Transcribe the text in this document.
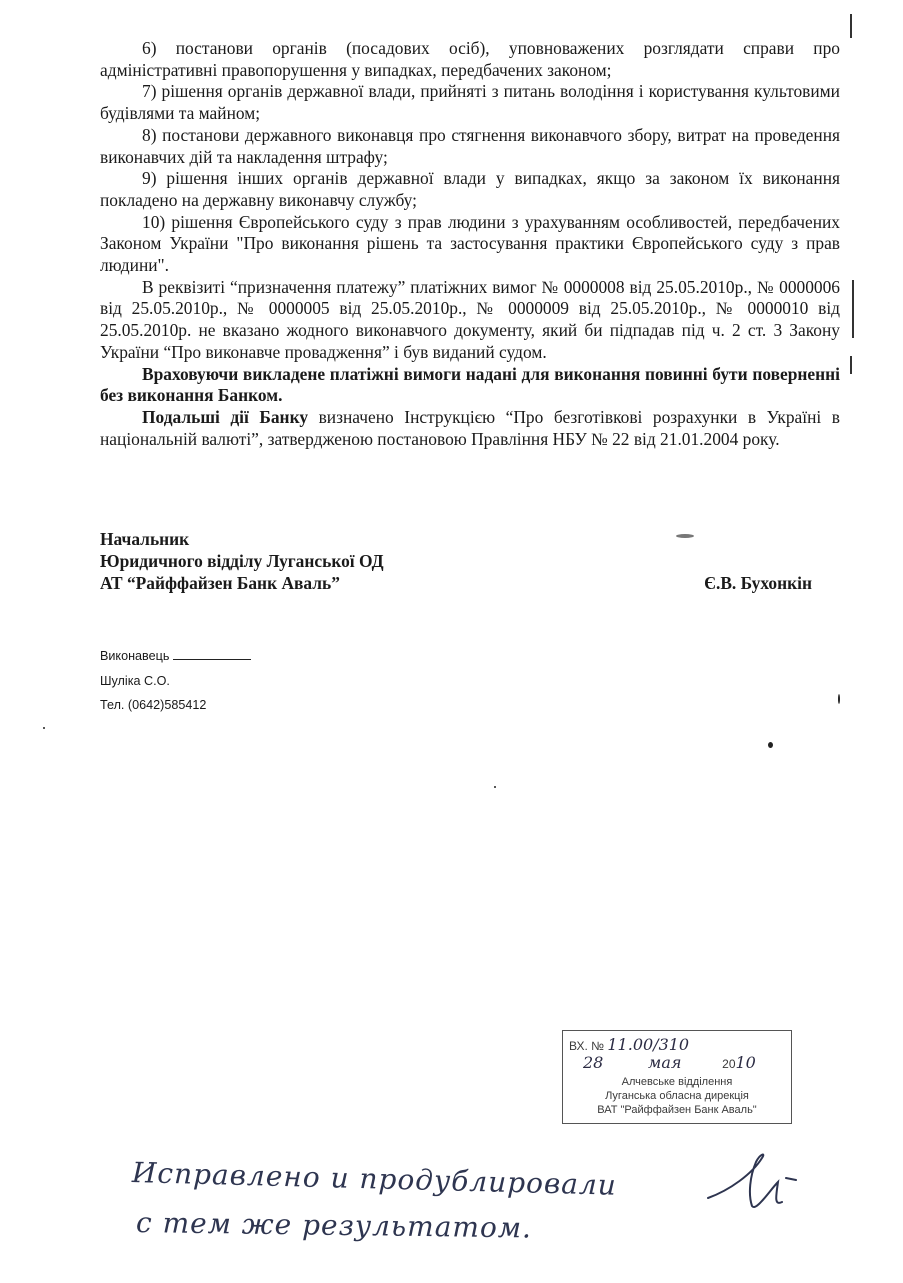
6) постанови органів (посадових осіб), уповноважених розглядати справи про адміністративні правопорушення у випадках, передбачених законом;

7) рішення органів державної влади, прийняті з питань володіння і користування культовими будівлями та майном;

8) постанови державного виконавця про стягнення виконавчого збору, витрат на проведення виконавчих дій та накладення штрафу;

9) рішення інших органів державної влади у випадках, якщо за законом їх виконання покладено на державну виконавчу службу;

10) рішення Європейського суду з прав людини з урахуванням особливостей, передбачених Законом України "Про виконання рішень та застосування практики Європейського суду з прав людини".

В реквізиті “призначення платежу” платіжних вимог № 0000008 від 25.05.2010р., № 0000006 від 25.05.2010р., № 0000005 від 25.05.2010р., № 0000009 від 25.05.2010р., № 0000010 від 25.05.2010р. не вказано жодного виконавчого документу, який би підпадав під ч. 2 ст. 3 Закону України “Про виконавче провадження” і був виданий судом.

Враховуючи викладене платіжні вимоги надані для виконання повинні бути поверненні без виконання Банком.

Подальші дії Банку визначено Інструкцією “Про безготівкові розрахунки в Україні в національній валюті”, затвердженою постановою Правління НБУ № 22 від 21.01.2004 року.

Начальник
Юридичного відділу Луганської ОД
АТ “Райффайзен Банк Аваль”	Є.В. Бухонкін
Виконавець
Шуліка С.О.
Тел. (0642)585412
ВХ. № 11.00/310
28	мая	2010
Алчевське відділення
Луганська обласна дирекція
ВАТ "Райффайзен Банк Аваль"
Исправлено и продублировали
с тем же результатом.
